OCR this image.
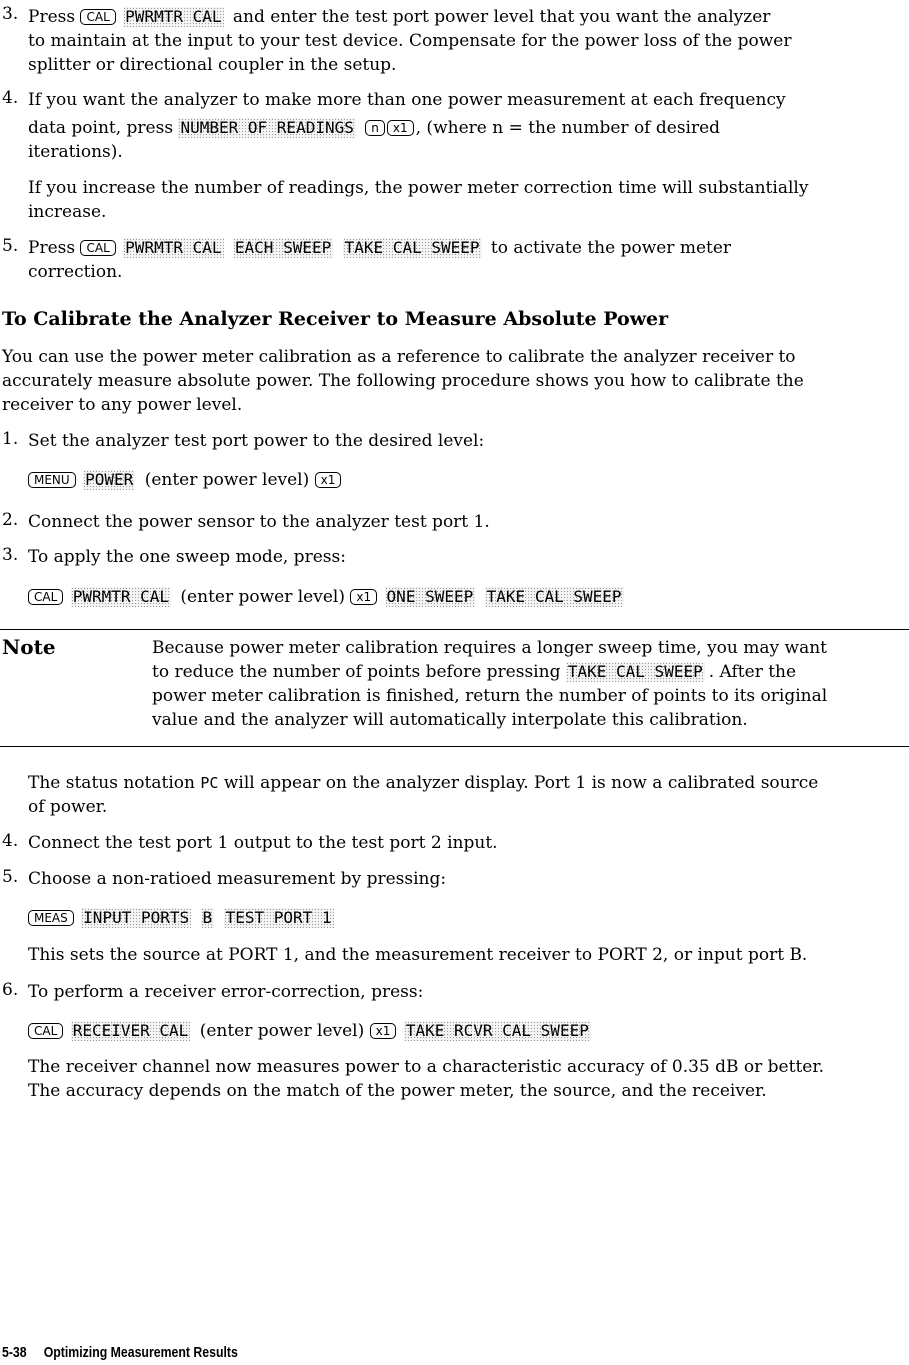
3. Press CAL PWRMTR CAL and enter the test port power level that you want the analyzer
to maintain at the input to your test device. Compensate for the power loss of the power
splitter or directional coupler in the setup.
4. If you want the analyzer to make more than one power measurement at each frequency
data point, press NUMBER OF READINGS n x1 , (where n = the number of desired
iterations).
If you increase the number of readings, the power meter correction time will substantially
increase.
5. Press CAL PWRMTR CAL EACH SWEEP TAKE CAL SWEEP to activate the power meter
correction.
To Calibrate the Analyzer Receiver to Measure Absolute Power
You can use the power meter calibration as a reference to calibrate the analyzer receiver to
accurately measure absolute power. The following procedure shows you how to calibrate the
receiver to any power level.
1. Set the analyzer test port power to the desired level:
MENU POWER (enter power level) x1
2. Connect the power sensor to the analyzer test port 1.
3. To apply the one sweep mode, press:
CAL PWRMTR CAL (enter power level) x1 ONE SWEEP TAKE CAL SWEEP
Note	Because power meter calibration requires a longer sweep time, you may want
to reduce the number of points before pressing TAKE CAL SWEEP . After the
power meter calibration is finished, return the number of points to its original
value and the analyzer will automatically interpolate this calibration.
The status notation PC will appear on the analyzer display. Port 1 is now a calibrated source
of power.
4. Connect the test port 1 output to the test port 2 input.
5. Choose a non-ratioed measurement by pressing:
MEAS INPUT PORTS B TEST PORT 1
This sets the source at PORT 1, and the measurement receiver to PORT 2, or input port B.
6. To perform a receiver error-correction, press:
CAL RECEIVER CAL (enter power level) x1 TAKE RCVR CAL SWEEP
The receiver channel now measures power to a characteristic accuracy of 0.35 dB or better.
The accuracy depends on the match of the power meter, the source, and the receiver.
5-38     Optimizing Measurement Results
